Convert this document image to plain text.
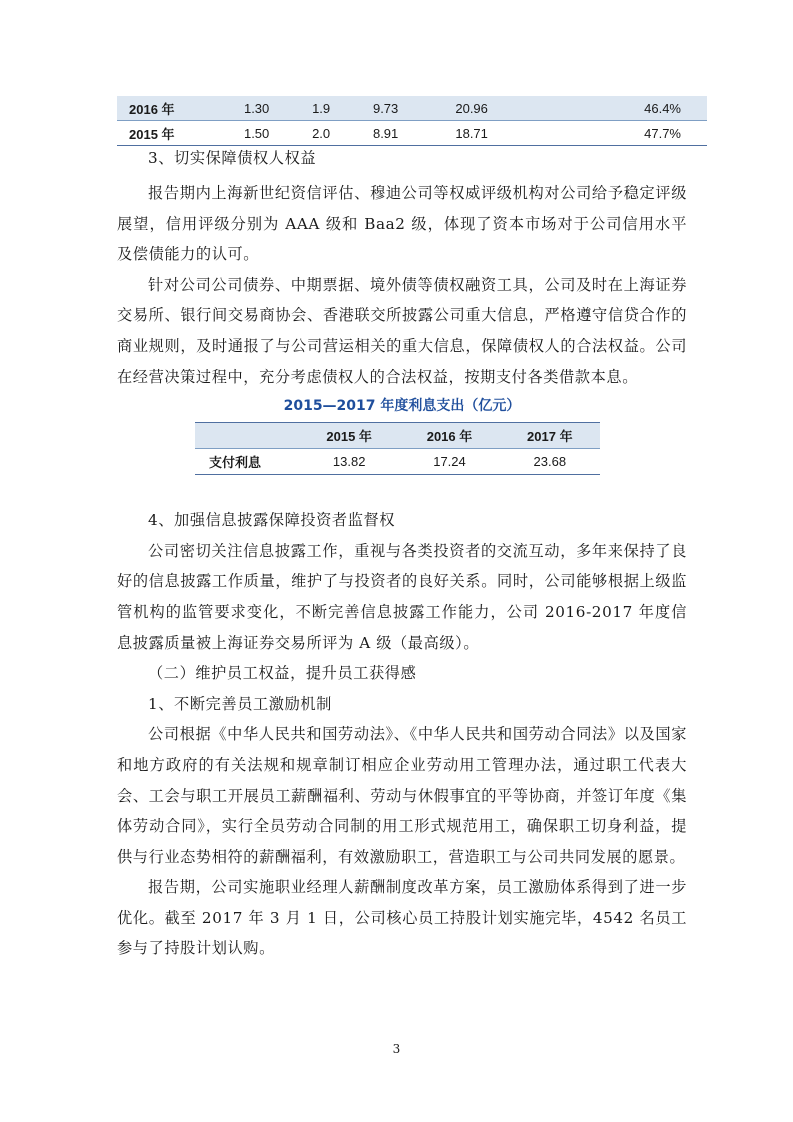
2016 年	1.30	1.9	9.73	20.96	46.4%
2015 年	1.50	2.0	8.91	18.71	47.7%

3、切实保障债权人权益

报告期内上海新世纪资信评估、穆迪公司等权威评级机构对公司给予稳定评级展望，信用评级分别为 AAA 级和 Baa2 级，体现了资本市场对于公司信用水平及偿债能力的认可。

针对公司公司债券、中期票据、境外债等债权融资工具，公司及时在上海证券交易所、银行间交易商协会、香港联交所披露公司重大信息，严格遵守信贷合作的商业规则，及时通报了与公司营运相关的重大信息，保障债权人的合法权益。公司在经营决策过程中，充分考虑债权人的合法权益，按期支付各类借款本息。

2015—2017 年度利息支出（亿元）
	2015 年	2016 年	2017 年
支付利息	13.82	17.24	23.68

4、加强信息披露保障投资者监督权

公司密切关注信息披露工作，重视与各类投资者的交流互动，多年来保持了良好的信息披露工作质量，维护了与投资者的良好关系。同时，公司能够根据上级监管机构的监管要求变化，不断完善信息披露工作能力，公司 2016-2017 年度信息披露质量被上海证券交易所评为 A 级（最高级）。

（二）维护员工权益，提升员工获得感

1、不断完善员工激励机制

公司根据《中华人民共和国劳动法》、《中华人民共和国劳动合同法》以及国家和地方政府的有关法规和规章制订相应企业劳动用工管理办法，通过职工代表大会、工会与职工开展员工薪酬福利、劳动与休假事宜的平等协商，并签订年度《集体劳动合同》，实行全员劳动合同制的用工形式规范用工，确保职工切身利益，提供与行业态势相符的薪酬福利，有效激励职工，营造职工与公司共同发展的愿景。

报告期，公司实施职业经理人薪酬制度改革方案，员工激励体系得到了进一步优化。截至 2017 年 3 月 1 日，公司核心员工持股计划实施完毕，4542 名员工参与了持股计划认购。

3
